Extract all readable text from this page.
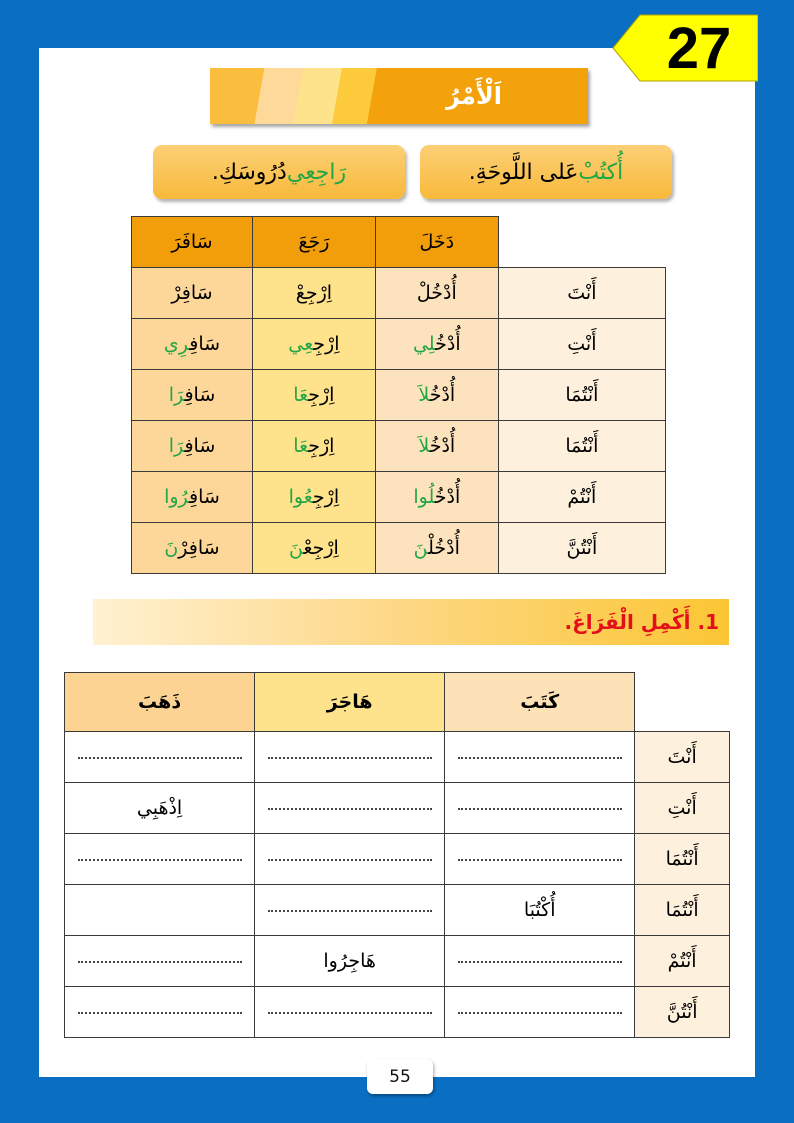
27
اَلْأَمْرُ
أُكتُبْ
عَلى اللَّوحَةِ.
رَاجِعِي
دُرُوسَكِ.
	دَخَلَ	رَجَعَ	سَافَرَ
أَنْتَ	أُدْخُلْ	اِرْجِعْ	سَافِرْ
أَنْتِ	أُدْخُلِي	اِرْجِعِي	سَافِرِي
أَنْتُمَا	أُدْخُلاَ	اِرْجِعَا	سَافِرَا
أَنْتُمَا	أُدْخُلاَ	اِرْجِعَا	سَافِرَا
أَنْتُمْ	أُدْخُلُوا	اِرْجِعُوا	سَافِرُوا
أَنْتُنَّ	أُدْخُلْنَ	اِرْجِعْنَ	سَافِرْنَ
1. أَكْمِلِ الْفَرَاغَ.
	كَتَبَ	هَاجَرَ	ذَهَبَ
أَنْتَ			
أَنْتِ			اِذْهَبِي
أَنْتُمَا			
أَنْتُمَا	أُكْتُبَا		
أَنْتُمْ		هَاجِرُوا	
أَنْتُنَّ			
55
